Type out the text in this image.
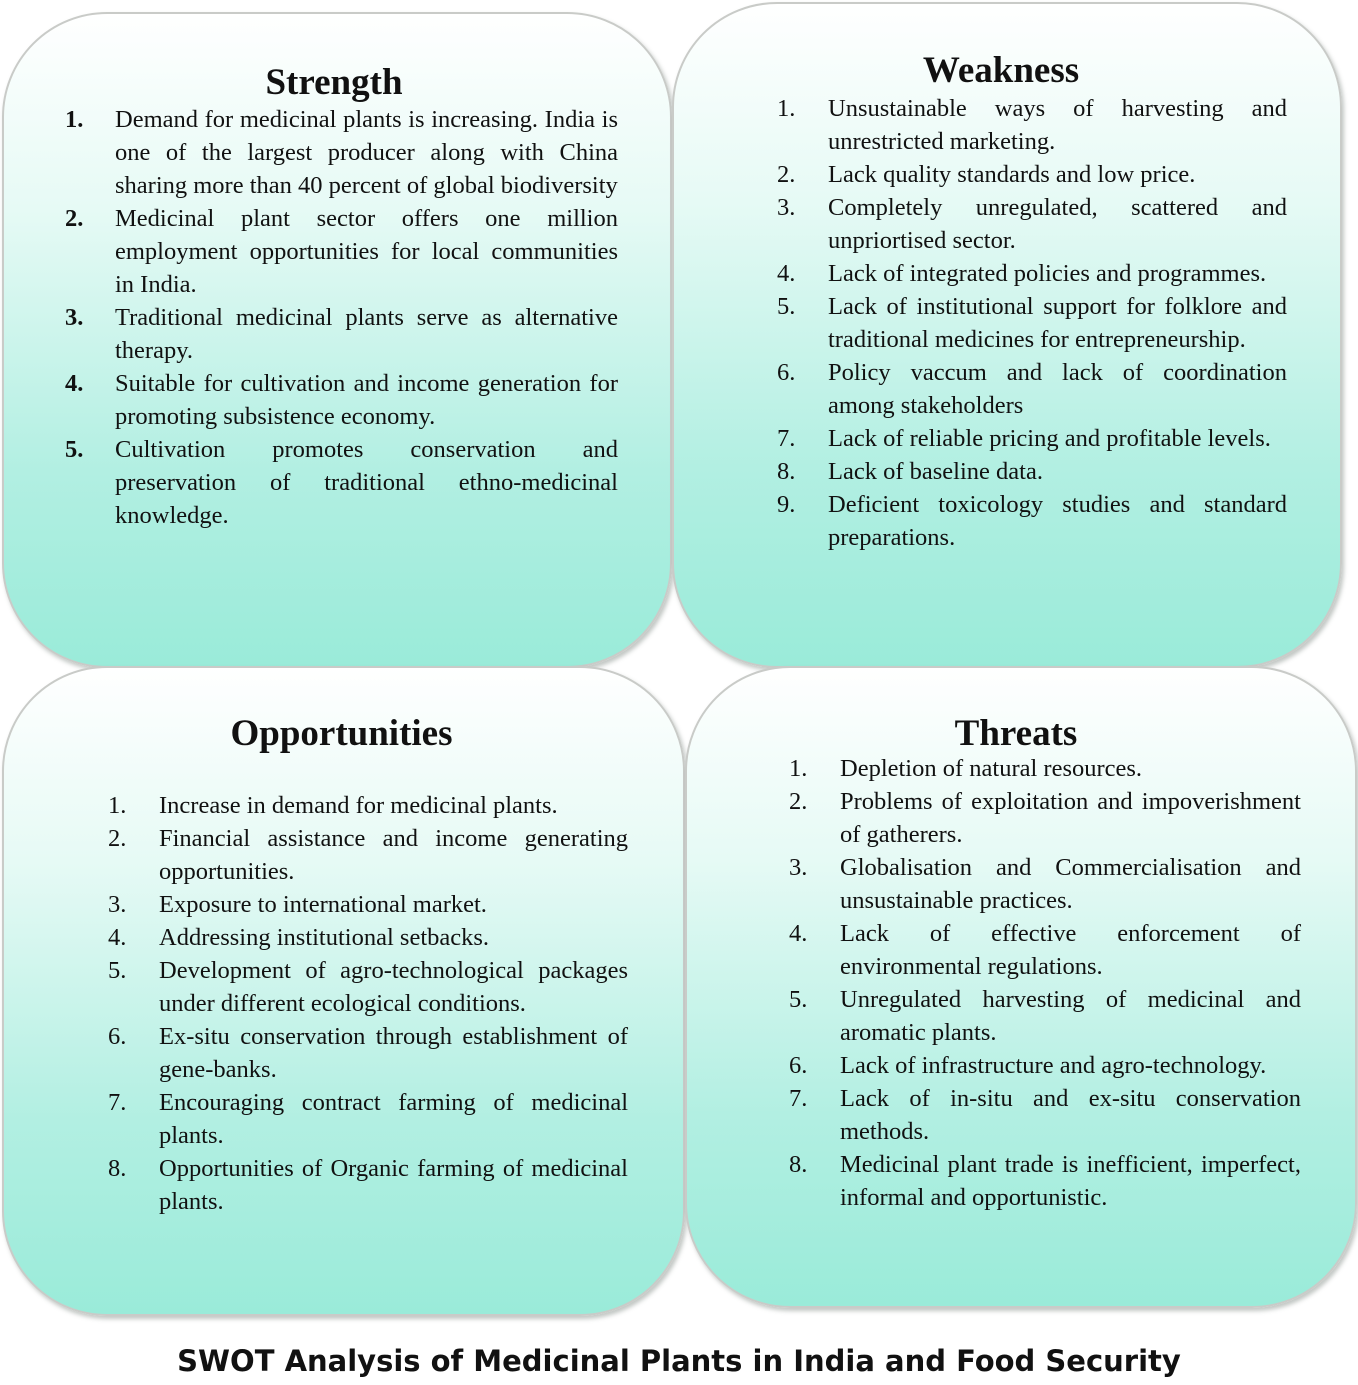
Strength
1.	Demand for medicinal plants is increasing. India is one of the largest producer along with China sharing more than 40 percent of global biodiversity
2.	Medicinal plant sector offers one million employment opportunities for local communities in India.
3.	Traditional medicinal plants serve as alternative therapy.
4.	Suitable for cultivation and income generation for promoting subsistence economy.
5.	Cultivation promotes conservation and preservation of traditional ethno-medicinal knowledge.
Weakness
1.	Unsustainable ways of harvesting and unrestricted marketing.
2.	Lack quality standards and low price.
3.	Completely unregulated, scattered and unpriortised sector.
4.	Lack of integrated policies and programmes.
5.	Lack of institutional support for folklore and traditional medicines for entrepreneurship.
6.	Policy vaccum and lack of coordination among stakeholders
7.	Lack of reliable pricing and profitable levels.
8.	Lack of baseline data.
9.	Deficient toxicology studies and standard preparations.
Opportunities
1.	Increase in demand for medicinal plants.
2.	Financial assistance and income generating opportunities.
3.	Exposure to international market.
4.	Addressing institutional setbacks.
5.	Development of agro-technological packages under different ecological conditions.
6.	Ex-situ conservation through establishment of gene-banks.
7.	Encouraging contract farming of medicinal plants.
8.	Opportunities of Organic farming of medicinal plants.
Threats
1.	Depletion of natural resources.
2.	Problems of exploitation and impoverishment of gatherers.
3.	Globalisation and Commercialisation and unsustainable practices.
4.	Lack of effective enforcement of environmental regulations.
5.	Unregulated harvesting of medicinal and aromatic plants.
6.	Lack of infrastructure and agro-technology.
7.	Lack of in-situ and ex-situ conservation methods.
8.	Medicinal plant trade is inefficient, imperfect, informal and opportunistic.
SWOT Analysis of Medicinal Plants in India and Food Security
